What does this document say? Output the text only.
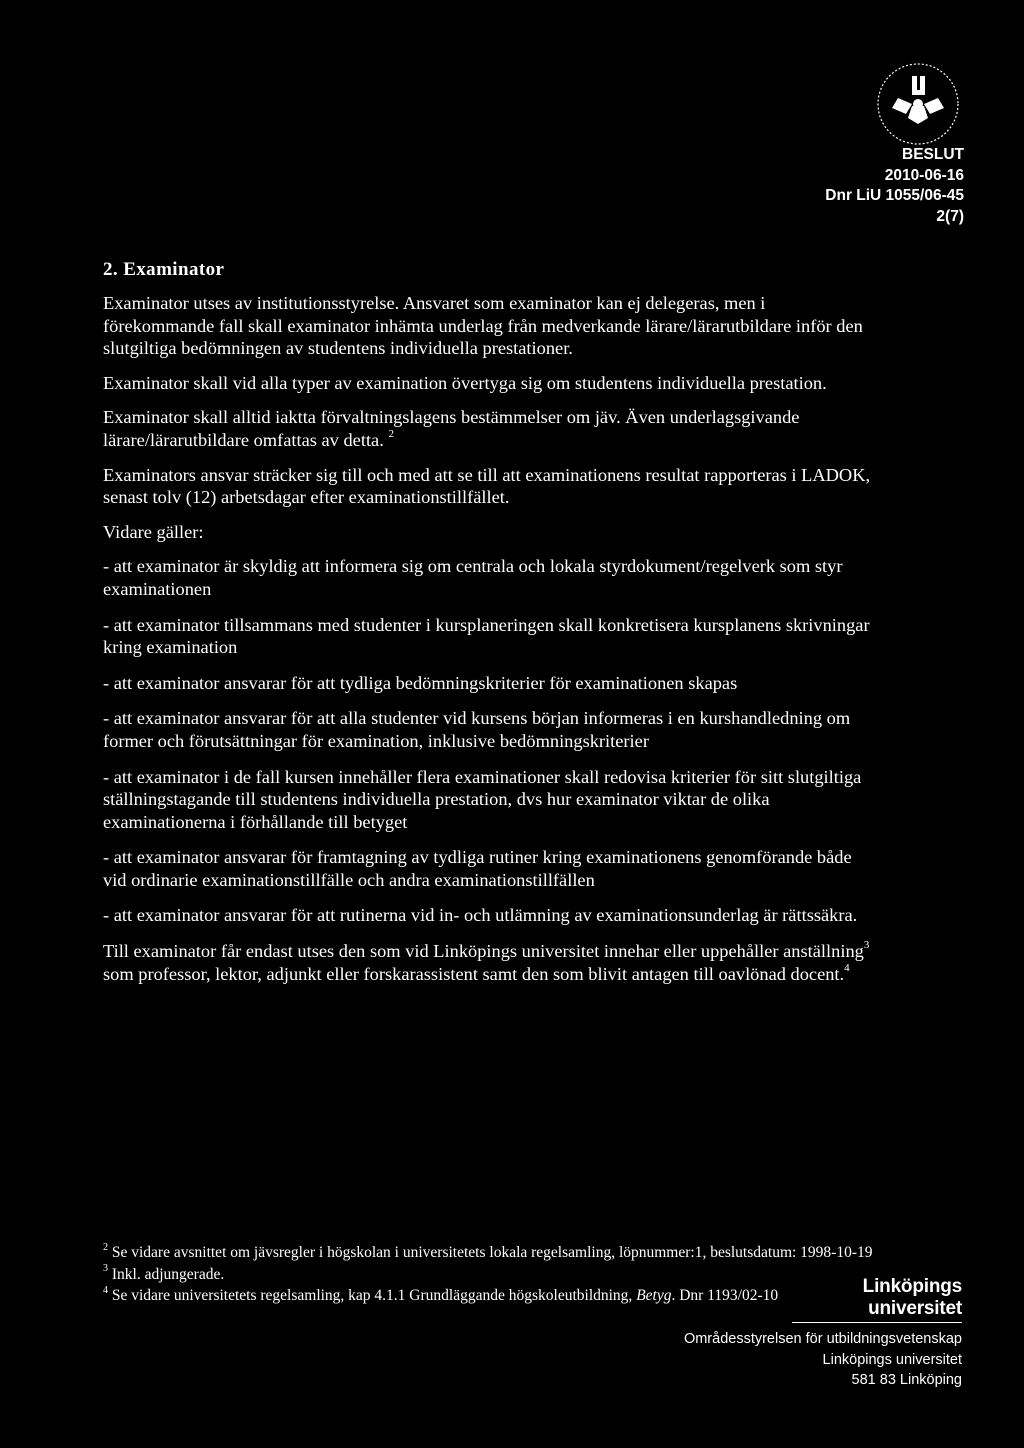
BESLUT
2010-06-16
Dnr LiU 1055/06-45
2(7)
2. Examinator

Examinator utses av institutionsstyrelse. Ansvaret som examinator kan ej delegeras, men i förekommande fall skall examinator inhämta underlag från medverkande lärare/lärarutbildare inför den slutgiltiga bedömningen av studentens individuella prestationer.

Examinator skall vid alla typer av examination övertyga sig om studentens individuella prestation.

Examinator skall alltid iaktta förvaltningslagens bestämmelser om jäv. Även underlagsgivande lärare/lärarutbildare omfattas av detta. $^2$

Examinators ansvar sträcker sig till och med att se till att examinationens resultat rapporteras i LADOK, senast tolv (12) arbetsdagar efter examinationstillfället.

Vidare gäller:

- att examinator är skyldig att informera sig om centrala och lokala styrdokument/regelverk som styr examinationen

- att examinator tillsammans med studenter i kursplaneringen skall konkretisera kursplanens skrivningar kring examination

- att examinator ansvarar för att tydliga bedömningskriterier för examinationen skapas

- att examinator ansvarar för att alla studenter vid kursens början informeras i en kurshandledning om former och förutsättningar för examination, inklusive bedömningskriterier

- att examinator i de fall kursen innehåller flera examinationer skall redovisa kriterier för sitt slutgiltiga ställningstagande till studentens individuella prestation, dvs hur examinator viktar de olika examinationerna i förhållande till betyget

- att examinator ansvarar för framtagning av tydliga rutiner kring examinationens genomförande både vid ordinarie examinationstillfälle och andra examinationstillfällen

- att examinator ansvarar för att rutinerna vid in- och utlämning av examinationsunderlag är rättssäkra.

Till examinator får endast utses den som vid Linköpings universitet innehar eller uppehåller anställning$^3$ som professor, lektor, adjunkt eller forskarassistent samt den som blivit antagen till oavlönad docent.$^4$

$^2$ Se vidare avsnittet om jävsregler i högskolan i universitetets lokala regelsamling, löpnummer:1, beslutsdatum: 1998-10-19
$^3$ Inkl. adjungerade.
$^4$ Se vidare universitetets regelsamling, kap 4.1.1 Grundläggande högskoleutbildning, Betyg. Dnr 1193/02-10	Linköpings universitet
Områdesstyrelsen för utbildningsvetenskap
Linköpings universitet
581 83 Linköping
